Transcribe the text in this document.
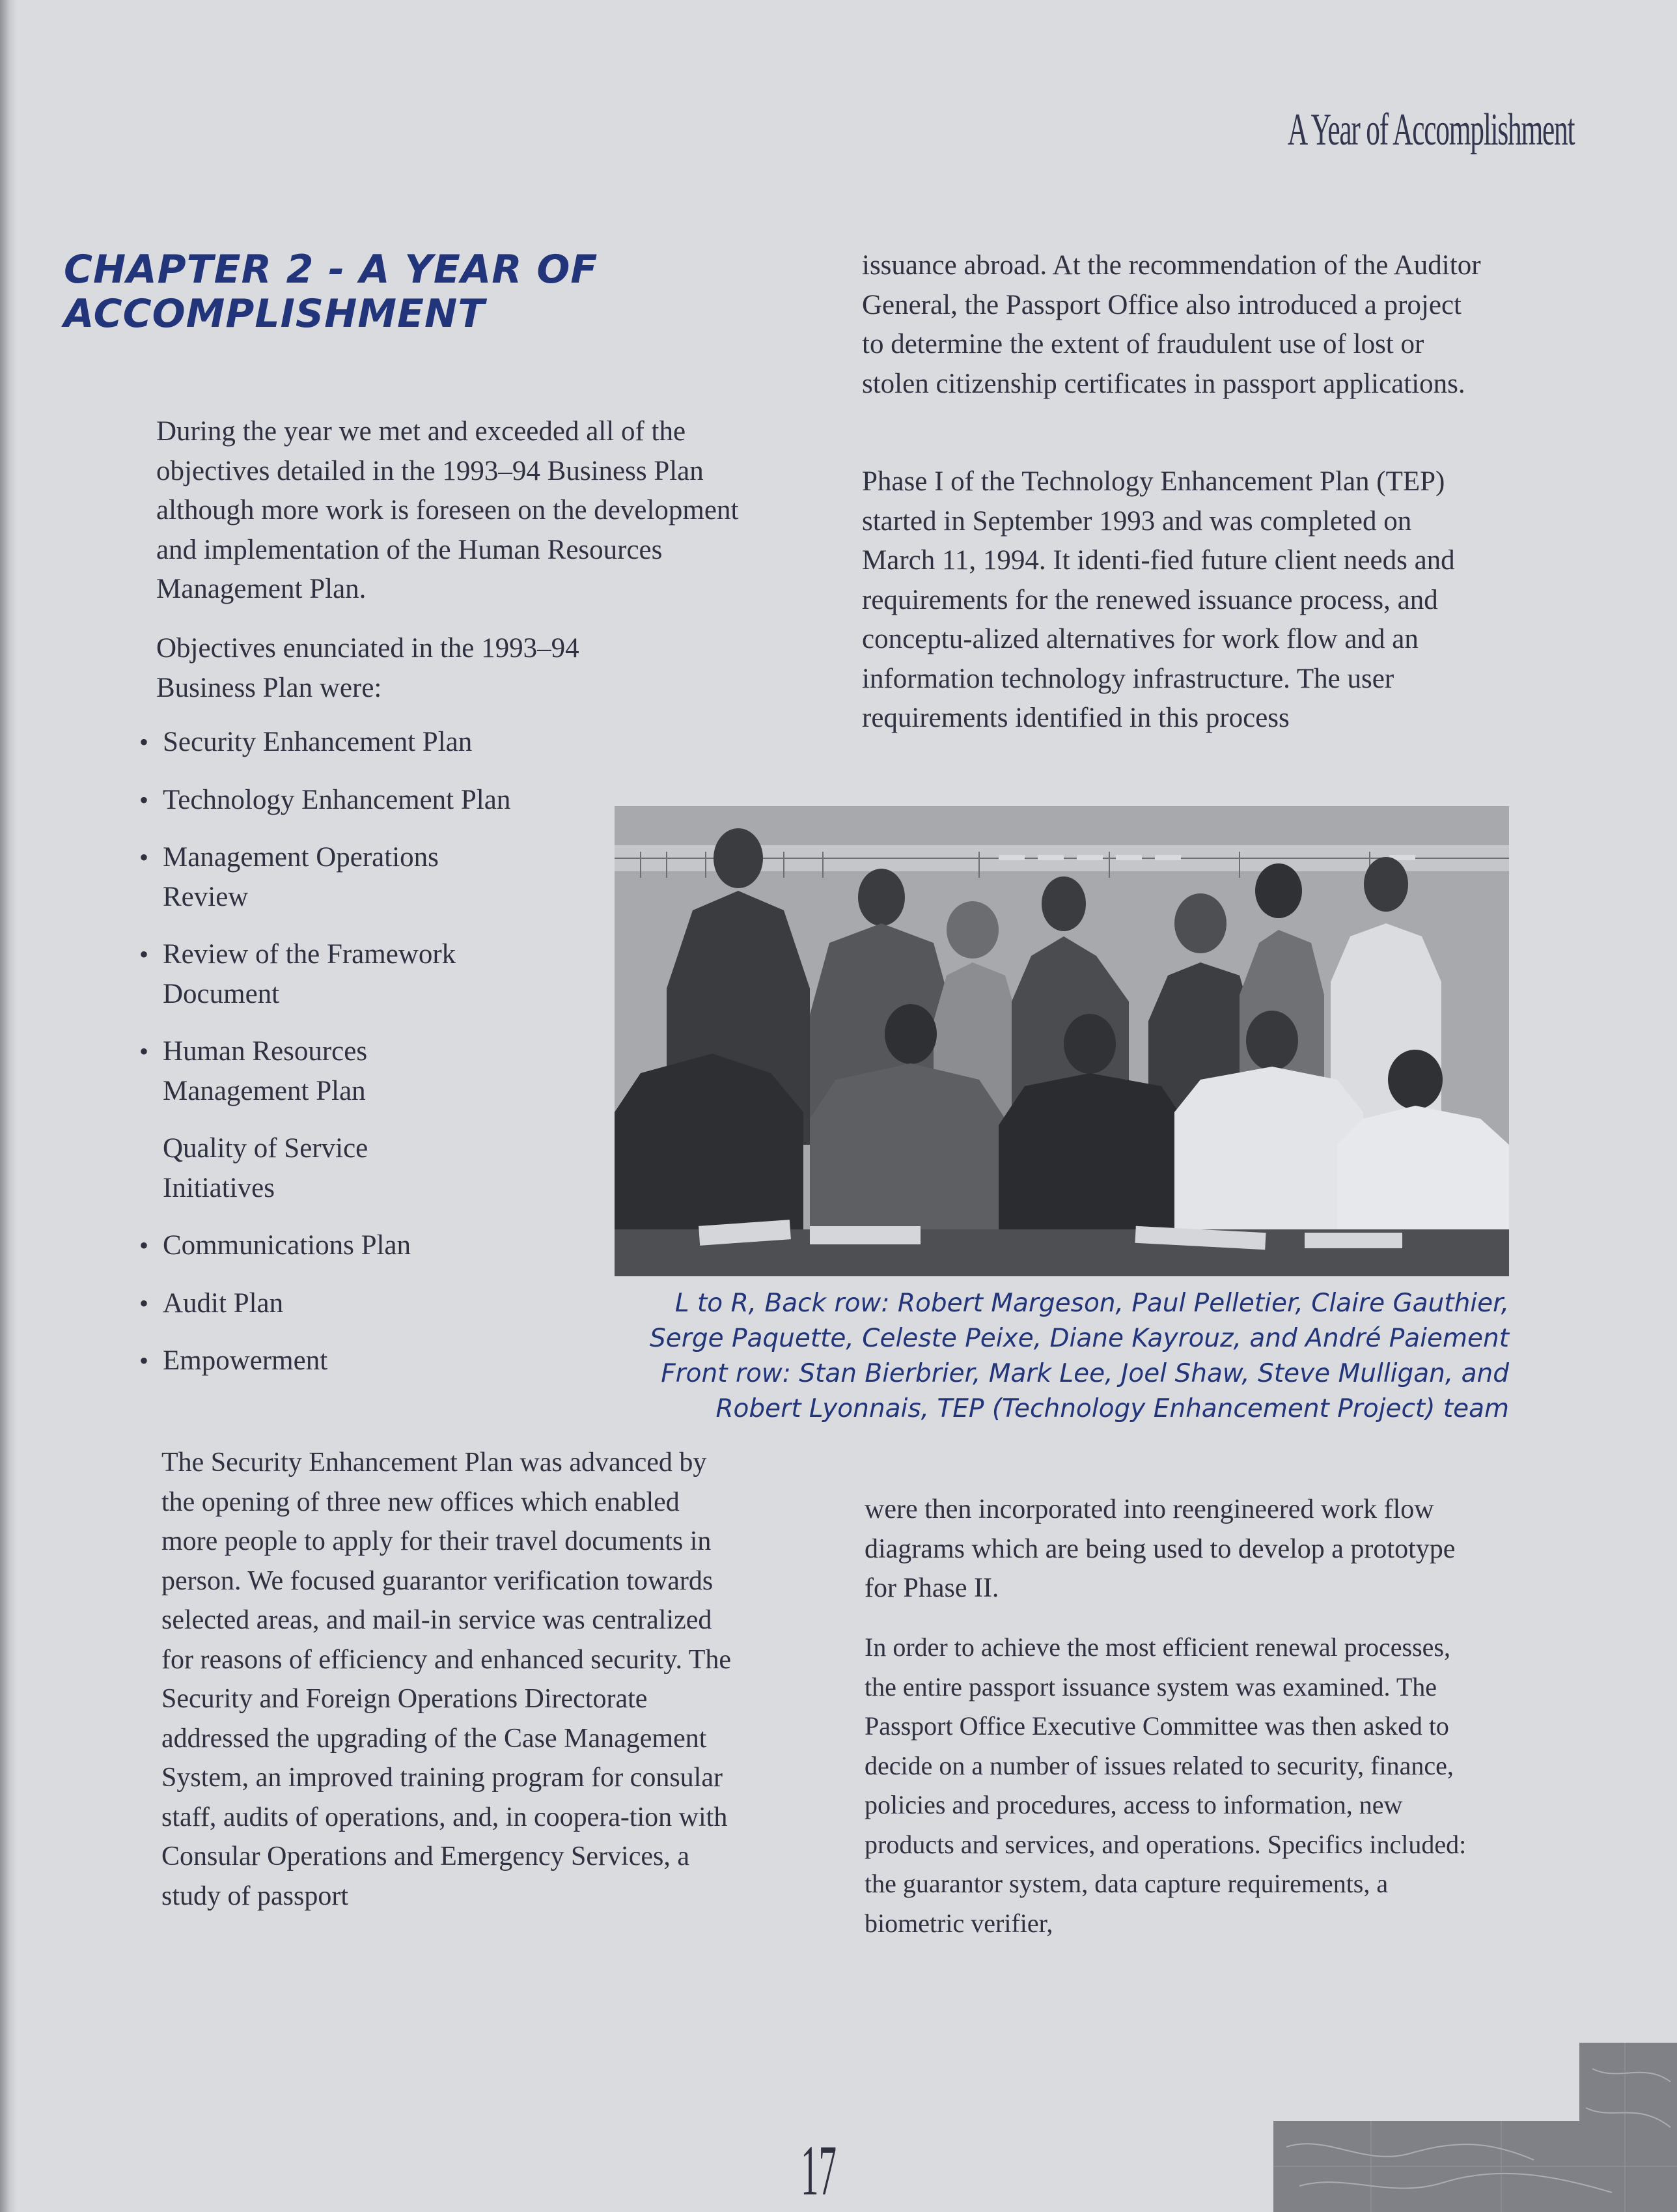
A Year of Accomplishment
CHAPTER 2 - A YEAR OF
ACCOMPLISHMENT

During the year we met and exceeded all of the objectives detailed in the 1993–94 Business Plan although more work is foreseen on the development and implementation of the Human Resources Management Plan.

Objectives enunciated in the 1993–94 Business Plan were:

• Security Enhancement Plan
• Technology Enhancement Plan
• Management Operations Review
• Review of the Framework Document
• Human Resources Management Plan
Quality of Service Initiatives
• Communications Plan
• Audit Plan
• Empowerment

The Security Enhancement Plan was advanced by the opening of three new offices which enabled more people to apply for their travel documents in person. We focused guarantor verification towards selected areas, and mail-in service was centralized for reasons of efficiency and enhanced security. The Security and Foreign Operations Directorate addressed the upgrading of the Case Management System, an improved training program for consular staff, audits of operations, and, in coopera-tion with Consular Operations and Emergency Services, a study of passport

issuance abroad. At the recommendation of the Auditor General, the Passport Office also introduced a project to determine the extent of fraudulent use of lost or stolen citizenship certificates in passport applications.

Phase I of the Technology Enhancement Plan (TEP) started in September 1993 and was completed on March 11, 1994. It identi-fied future client needs and requirements for the renewed issuance process, and conceptu-alized alternatives for work flow and an information technology infrastructure. The user requirements identified in this process

L to R, Back row: Robert Margeson, Paul Pelletier, Claire Gauthier,
Serge Paquette, Celeste Peixe, Diane Kayrouz, and André Paiement
Front row: Stan Bierbrier, Mark Lee, Joel Shaw, Steve Mulligan, and
Robert Lyonnais, TEP (Technology Enhancement Project) team

were then incorporated into reengineered work flow diagrams which are being used to develop a prototype for Phase II.

In order to achieve the most efficient renewal processes, the entire passport issuance system was examined. The Passport Office Executive Committee was then asked to decide on a number of issues related to security, finance, policies and procedures, access to information, new products and services, and operations. Specifics included: the guarantor system, data capture requirements, a biometric verifier,

17
